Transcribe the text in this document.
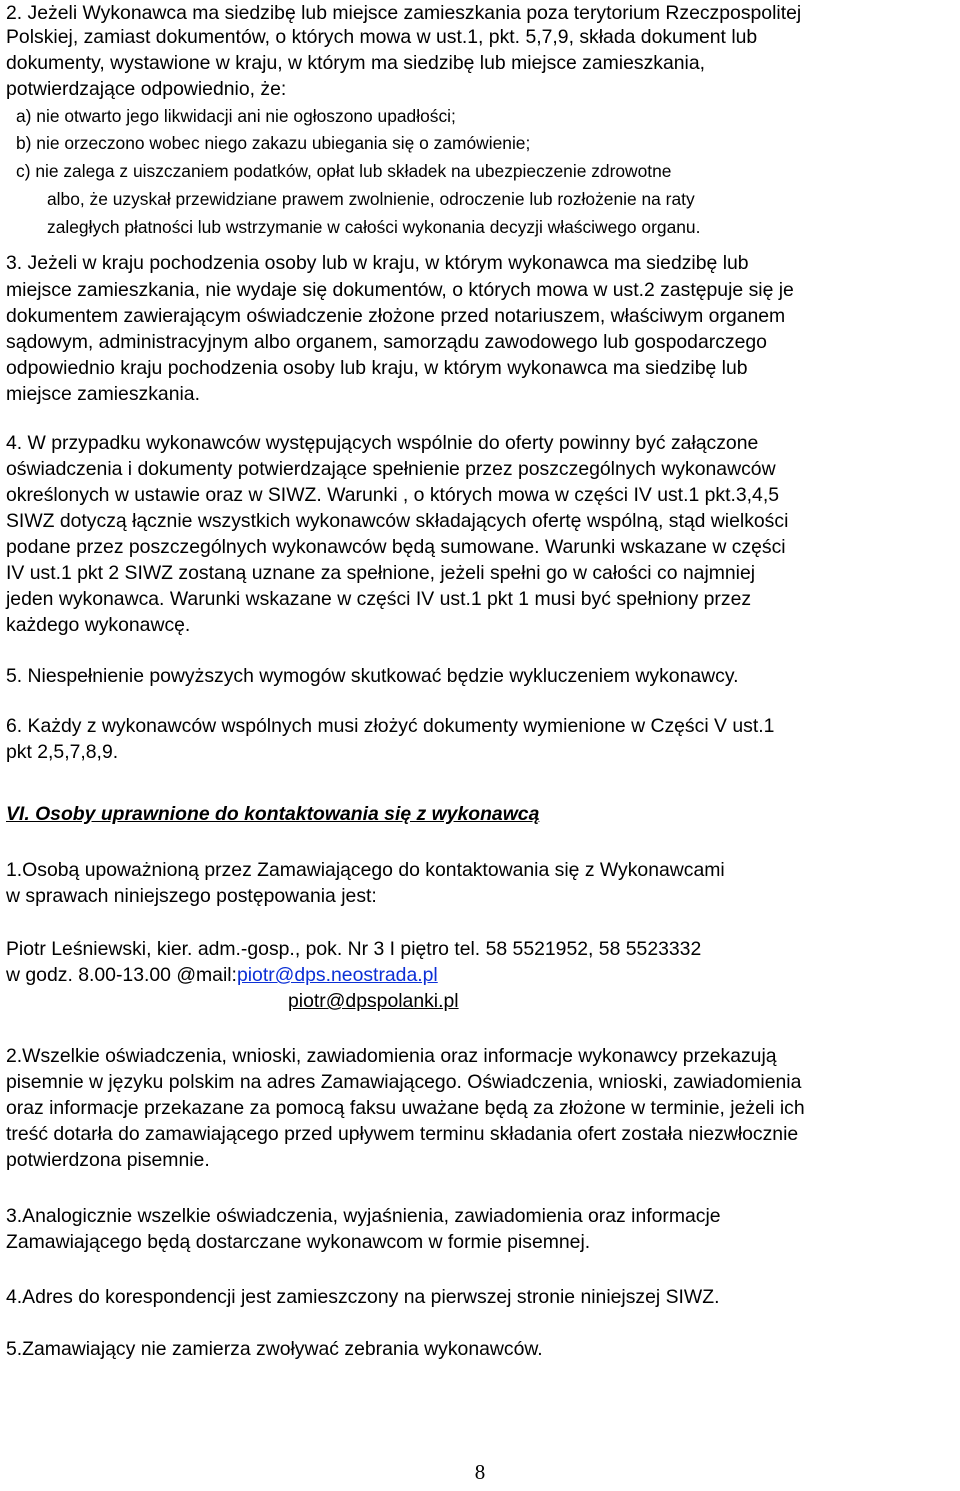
2. Jeżeli Wykonawca ma siedzibę lub miejsce zamieszkania poza terytorium Rzeczpospolitej
Polskiej, zamiast dokumentów, o których mowa w ust.1, pkt. 5,7,9, składa dokument lub
dokumenty, wystawione w kraju, w którym ma siedzibę lub miejsce zamieszkania,
potwierdzające odpowiednio, że:
a) nie otwarto jego likwidacji ani nie ogłoszono upadłości;
b) nie orzeczono wobec niego zakazu ubiegania się o zamówienie;
c) nie zalega z uiszczaniem podatków, opłat lub składek na ubezpieczenie zdrowotne
albo, że uzyskał przewidziane prawem zwolnienie, odroczenie lub rozłożenie na raty
zaległych płatności lub wstrzymanie w całości wykonania decyzji właściwego organu.
3. Jeżeli w kraju pochodzenia osoby lub w kraju, w którym wykonawca ma siedzibę lub
miejsce zamieszkania, nie wydaje się dokumentów, o których mowa w ust.2 zastępuje się je
dokumentem zawierającym oświadczenie złożone przed notariuszem, właściwym organem
sądowym, administracyjnym albo organem, samorządu zawodowego lub gospodarczego
odpowiednio kraju pochodzenia osoby lub kraju, w którym wykonawca ma siedzibę lub
miejsce zamieszkania.
4. W przypadku wykonawców występujących wspólnie do oferty powinny być załączone
oświadczenia i dokumenty potwierdzające spełnienie przez poszczególnych wykonawców
określonych w ustawie oraz w SIWZ. Warunki , o których mowa w części IV ust.1 pkt.3,4,5
SIWZ dotyczą łącznie wszystkich wykonawców składających ofertę wspólną, stąd wielkości
podane przez poszczególnych wykonawców będą sumowane. Warunki wskazane w części
IV ust.1 pkt 2 SIWZ zostaną uznane za spełnione, jeżeli spełni go w całości co najmniej
jeden wykonawca. Warunki wskazane w części IV ust.1 pkt 1 musi być spełniony przez
każdego wykonawcę.
5. Niespełnienie powyższych wymogów skutkować będzie wykluczeniem wykonawcy.
6. Każdy z wykonawców wspólnych musi złożyć dokumenty wymienione w Części V ust.1
pkt 2,5,7,8,9.
VI. Osoby uprawnione do kontaktowania się z wykonawcą
1.Osobą upoważnioną przez Zamawiającego do kontaktowania się z Wykonawcami
w sprawach niniejszego postępowania jest:
Piotr Leśniewski, kier. adm.-gosp., pok. Nr 3 I piętro tel. 58 5521952, 58 5523332
w godz. 8.00-13.00 @mail:piotr@dps.neostrada.pl
piotr@dpspolanki.pl
2.Wszelkie oświadczenia, wnioski, zawiadomienia oraz informacje wykonawcy przekazują
pisemnie w języku polskim na adres Zamawiającego. Oświadczenia, wnioski, zawiadomienia
oraz informacje przekazane za pomocą faksu uważane będą za złożone w terminie, jeżeli ich
treść dotarła do zamawiającego przed upływem terminu składania ofert została niezwłocznie
potwierdzona pisemnie.
3.Analogicznie wszelkie oświadczenia, wyjaśnienia, zawiadomienia oraz informacje
Zamawiającego będą dostarczane wykonawcom w formie pisemnej.
4.Adres do korespondencji jest zamieszczony na pierwszej stronie niniejszej SIWZ.
5.Zamawiający nie zamierza zwoływać zebrania wykonawców.
8
